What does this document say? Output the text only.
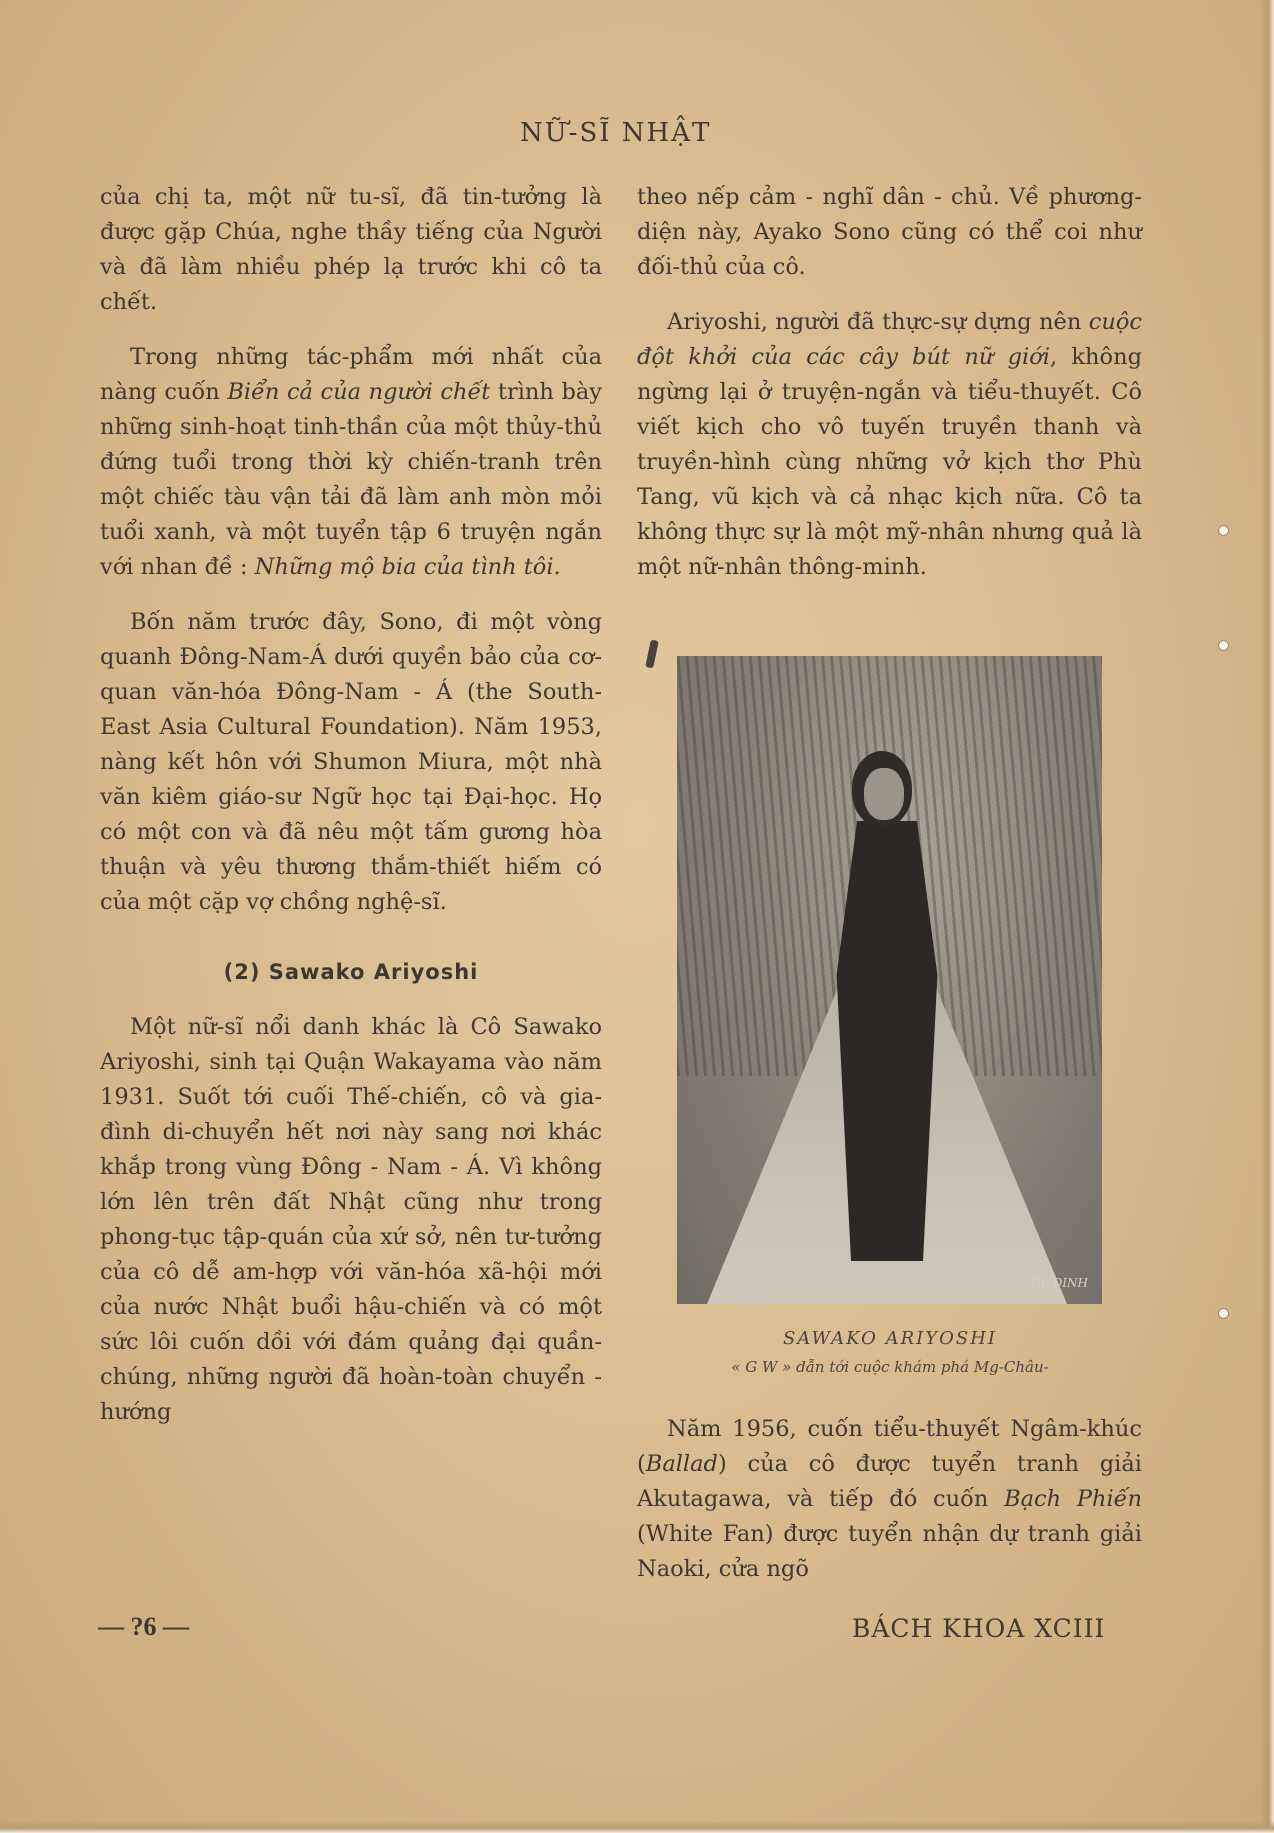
NỮ-SĨ NHẬT

của chị ta, một nữ tu-sĩ, đã tin-tưởng là được gặp Chúa, nghe thầy tiếng của Người và đã làm nhiều phép lạ trước khi cô ta chết.

Trong những tác-phẩm mới nhất của nàng cuốn Biển cả của người chết trình bày những sinh-hoạt tinh-thần của một thủy-thủ đứng tuổi trong thời kỳ chiến-tranh trên một chiếc tàu vận tải đã làm anh mòn mỏi tuổi xanh, và một tuyển tập 6 truyện ngắn với nhan đề : Những mộ bia của tình tôi.

Bốn năm trước đây, Sono, đi một vòng quanh Đông-Nam-Á dưới quyền bảo của cơ-quan văn-hóa Đông-Nam - Á (the South-East Asia Cultural Foundation). Năm 1953, nàng kết hôn với Shumon Miura, một nhà văn kiêm giáo-sư Ngữ học tại Đại-học. Họ có một con và đã nêu một tấm gương hòa thuận và yêu thương thắm-thiết hiếm có của một cặp vợ chồng nghệ-sĩ.

(2) Sawako Ariyoshi

Một nữ-sĩ nổi danh khác là Cô Sawako Ariyoshi, sinh tại Quận Wakayama vào năm 1931. Suốt tới cuối Thế-chiến, cô và gia-đình di-chuyển hết nơi này sang nơi khác khắp trong vùng Đông - Nam - Á. Vì không lớn lên trên đất Nhật cũng như trong phong-tục tập-quán của xứ sở, nên tư-tưởng của cô dễ am-hợp với văn-hóa xã-hội mới của nước Nhật buổi hậu-chiến và có một sức lôi cuốn dồi với đám quảng đại quần-chúng, những người đã hoàn-toàn chuyển - hướng

theo nếp cảm - nghĩ dân - chủ. Về phương-diện này, Ayako Sono cũng có thể coi như đối-thủ của cô.

Ariyoshi, người đã thực-sự dựng nên cuộc đột khởi của các cây bút nữ giới, không ngừng lại ở truyện-ngắn và tiểu-thuyết. Cô viết kịch cho vô tuyến truyền thanh và truyền-hình cùng những vở kịch thơ Phù Tang, vũ kịch và cả nhạc kịch nữa. Cô ta không thực sự là một mỹ-nhân nhưng quả là một nữ-nhân thông-minh.

GL.DINH
SAWAKO ARIYOSHI
« G W » dẫn tới cuộc khám phá Mg-Châu-

Năm 1956, cuốn tiểu-thuyết Ngâm-khúc (Ballad) của cô được tuyển tranh giải Akutagawa, và tiếp đó cuốn Bạch Phiến (White Fan) được tuyển nhận dự tranh giải Naoki, cửa ngõ

— ?6 —	BÁCH KHOA XCIII
